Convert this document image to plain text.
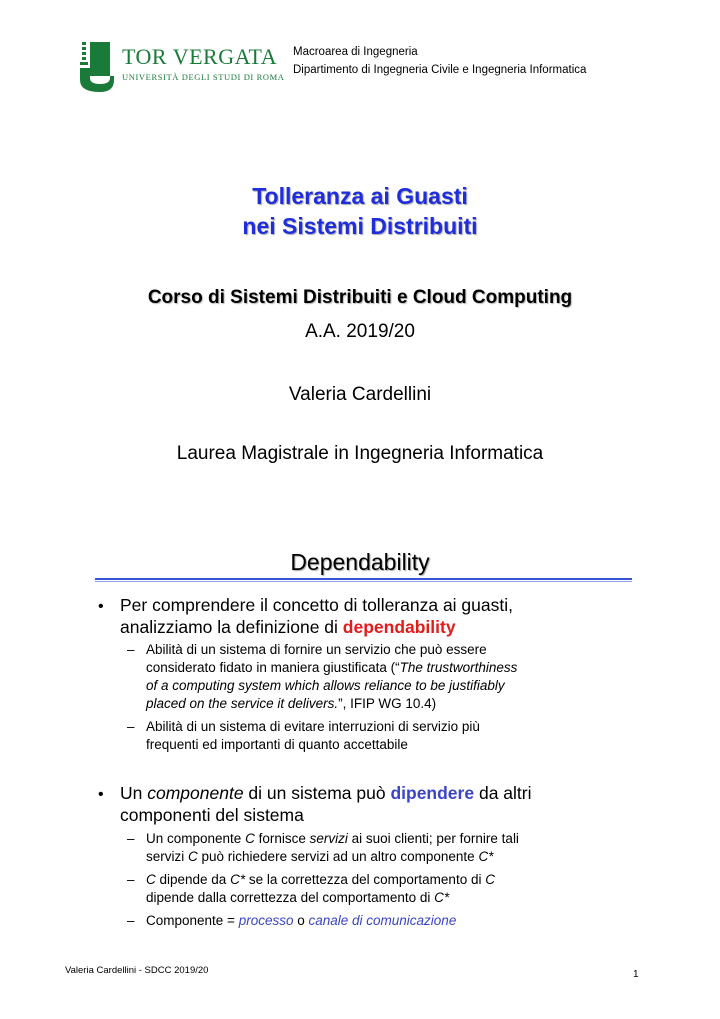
TOR VERGATA
UNIVERSITÀ DEGLI STUDI DI ROMA
Macroarea di Ingegneria
Dipartimento di Ingegneria Civile e Ingegneria Informatica
Tolleranza ai Guasti
nei Sistemi Distribuiti
Corso di Sistemi Distribuiti e Cloud Computing
A.A. 2019/20
Valeria Cardellini
Laurea Magistrale in Ingegneria Informatica
Dependability
• Per comprendere il concetto di tolleranza ai guasti,
analizziamo la definizione di dependability
– Abilità di un sistema di fornire un servizio che può essere
considerato fidato in maniera giustificata (“The trustworthiness
of a computing system which allows reliance to be justifiably
placed on the service it delivers.”, IFIP WG 10.4)
– Abilità di un sistema di evitare interruzioni di servizio più
frequenti ed importanti di quanto accettabile
• Un componente di un sistema può dipendere da altri
componenti del sistema
– Un componente C fornisce servizi ai suoi clienti; per fornire tali
servizi C può richiedere servizi ad un altro componente C*
– C dipende da C* se la correttezza del comportamento di C
dipende dalla correttezza del comportamento di C*
– Componente = processo o canale di comunicazione
Valeria Cardellini - SDCC 2019/20	1
